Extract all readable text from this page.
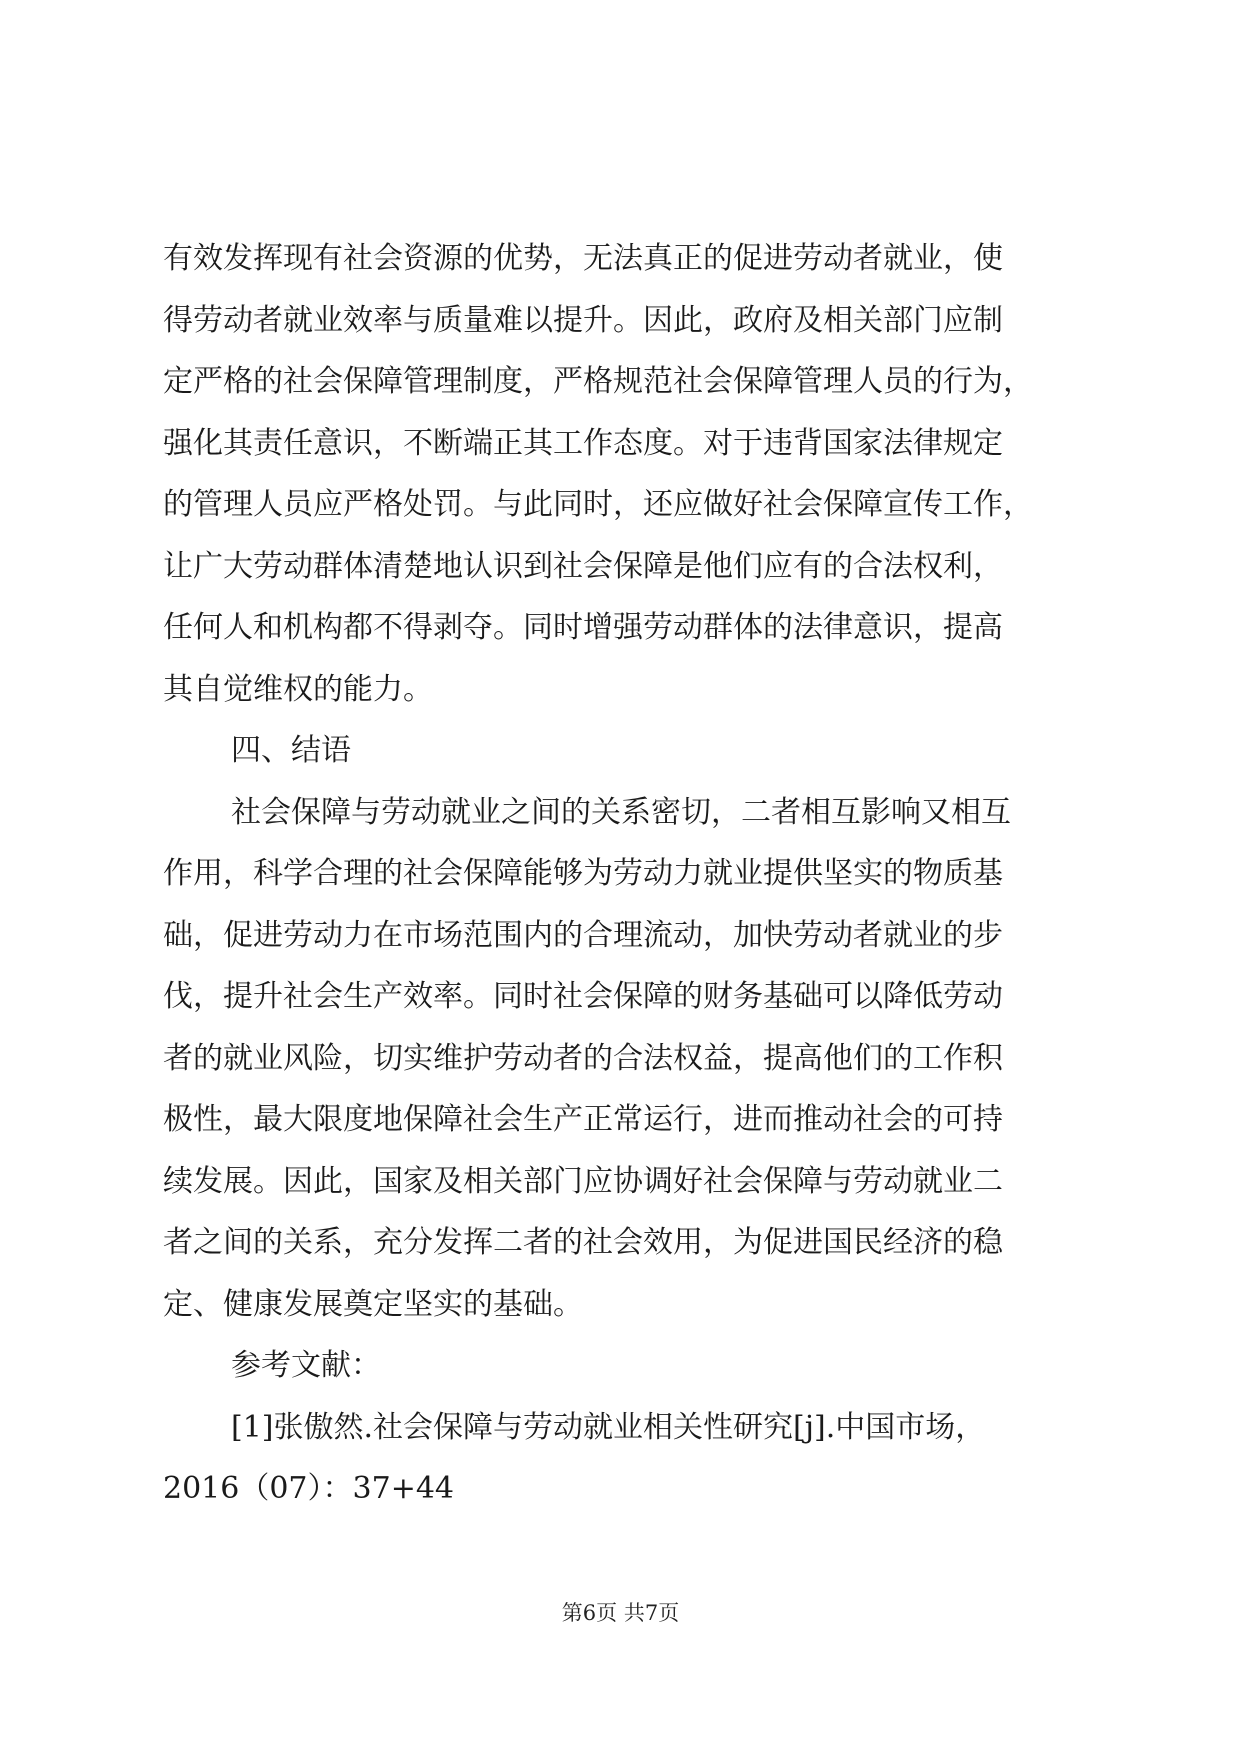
有效发挥现有社会资源的优势，无法真正的促进劳动者就业，使
得劳动者就业效率与质量难以提升。因此，政府及相关部门应制
定严格的社会保障管理制度，严格规范社会保障管理人员的行为，
强化其责任意识，不断端正其工作态度。对于违背国家法律规定
的管理人员应严格处罚。与此同时，还应做好社会保障宣传工作，
让广大劳动群体清楚地认识到社会保障是他们应有的合法权利，
任何人和机构都不得剥夺。同时增强劳动群体的法律意识，提高
其自觉维权的能力。
四、结语
社会保障与劳动就业之间的关系密切，二者相互影响又相互
作用，科学合理的社会保障能够为劳动力就业提供坚实的物质基
础，促进劳动力在市场范围内的合理流动，加快劳动者就业的步
伐，提升社会生产效率。同时社会保障的财务基础可以降低劳动
者的就业风险，切实维护劳动者的合法权益，提高他们的工作积
极性，最大限度地保障社会生产正常运行，进而推动社会的可持
续发展。因此，国家及相关部门应协调好社会保障与劳动就业二
者之间的关系，充分发挥二者的社会效用，为促进国民经济的稳
定、健康发展奠定坚实的基础。
参考文献：
[1]张傲然.社会保障与劳动就业相关性研究[j].中国市场，
2016（07）：37+44
第6页 共7页
